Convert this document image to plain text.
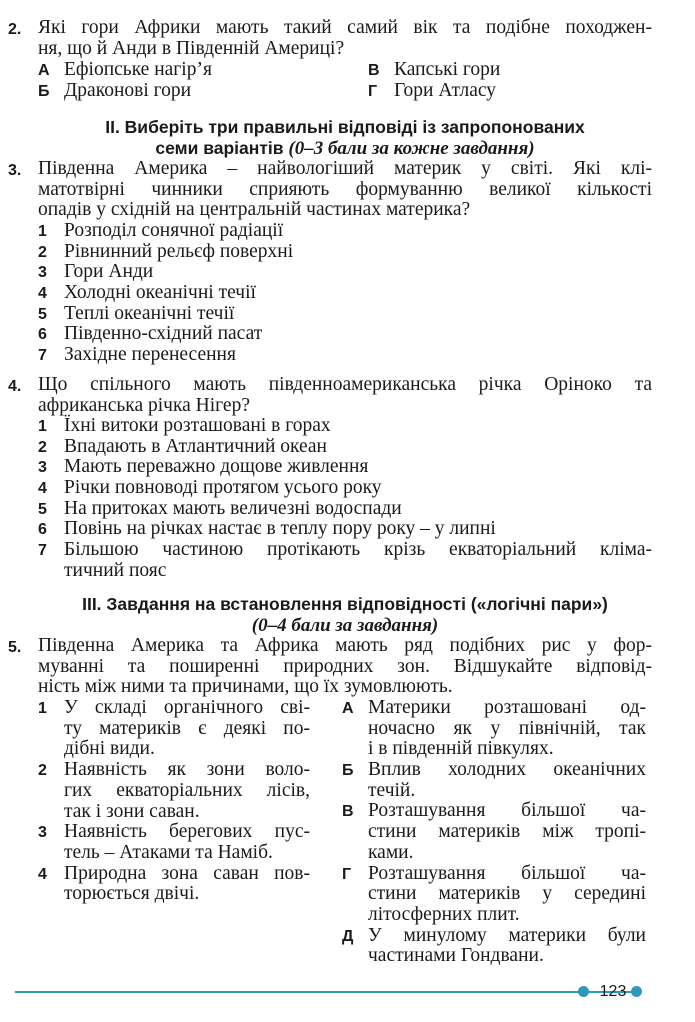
2. Які гори Африки мають такий самий вік та подібне походжен-
ня, що й Анди в Південній Америці?
А Ефіопське нагір’я	В Капські гори
Б Драконові гори	Г Гори Атласу
II. Виберіть три правильні відповіді із запропонованих
семи варіантів (0–3 бали за кожне завдання)
3. Південна Америка – найвологіший материк у світі. Які клі-
матотвірні чинники сприяють формуванню великої кількості
опадів у східній на центральній частинах материка?
1 Розподіл сонячної радіації
2 Рівнинний рельєф поверхні
3 Гори Анди
4 Холодні океанічні течії
5 Теплі океанічні течії
6 Південно-східний пасат
7 Західне перенесення
4. Що спільного мають південноамериканська річка Оріноко та
африканська річка Нігер?
1 Їхні витоки розташовані в горах
2 Впадають в Атлантичний океан
3 Мають переважно дощове живлення
4 Річки повноводі протягом усього року
5 На притоках мають величезні водоспади
6 Повінь на річках настає в теплу пору року – у липні
7 Більшою частиною протікають крізь екваторіальний кліма-
тичний пояс
III. Завдання на встановлення відповідності («логічні пари»)
(0–4 бали за завдання)
5. Південна Америка та Африка мають ряд подібних рис у фор-
муванні та поширенні природних зон. Відшукайте відповід-
ність між ними та причинами, що їх зумовлюють.
1 У складі органічного сві-
ту материків є деякі по-
дібні види.
2 Наявність як зони воло-
гих екваторіальних лісів,
так і зони саван.
3 Наявність берегових пус-
тель – Атаками та Наміб.
4 Природна зона саван пов-
торюється двічі.
А Материки розташовані од-
ночасно як у північній, так
і в південній півкулях.
Б Вплив холодних океанічних
течій.
В Розташування більшої ча-
стини материків між тропі-
ками.
Г Розташування більшої ча-
стини материків у середині
літосферних плит.
Д У минулому материки були
частинами Гондвани.
123
